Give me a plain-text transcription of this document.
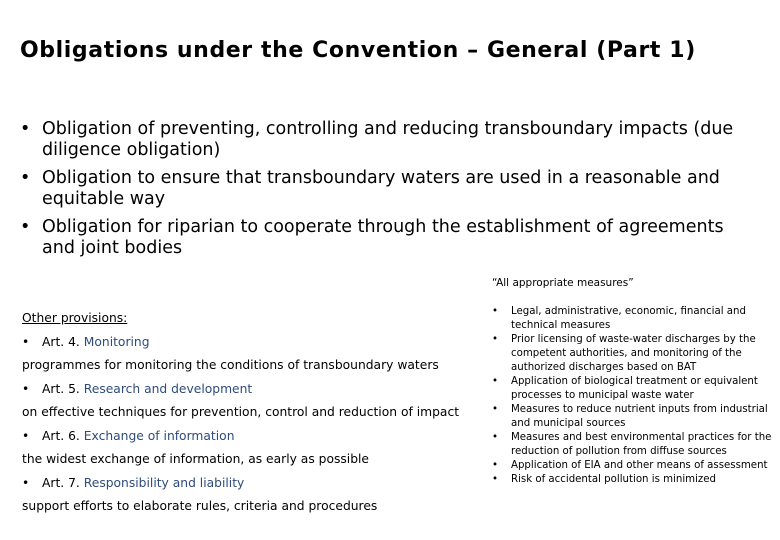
Obligations under the Convention – General (Part 1)
• Obligation of preventing, controlling and reducing transboundary impacts (due diligence obligation)
• Obligation to ensure that transboundary waters are used in a reasonable and equitable way
• Obligation for riparian to cooperate through the establishment of agreements and joint bodies
“All appropriate measures”
Other provisions:
• Art. 4. Monitoring
programmes for monitoring the conditions of transboundary waters
• Art. 5. Research and development
on effective techniques for prevention, control and reduction of impact
• Art. 6. Exchange of information
the widest exchange of information, as early as possible
• Art. 7. Responsibility and liability
support efforts to elaborate rules, criteria and procedures
• Legal, administrative, economic, financial and technical measures
• Prior licensing of waste-water discharges by the competent authorities, and monitoring of the authorized discharges based on BAT
• Application of biological treatment or equivalent processes to municipal waste water
• Measures to reduce nutrient inputs from industrial and municipal sources
• Measures and best environmental practices for the reduction of pollution from diffuse sources
• Application of EIA and other means of assessment
• Risk of accidental pollution is minimized
